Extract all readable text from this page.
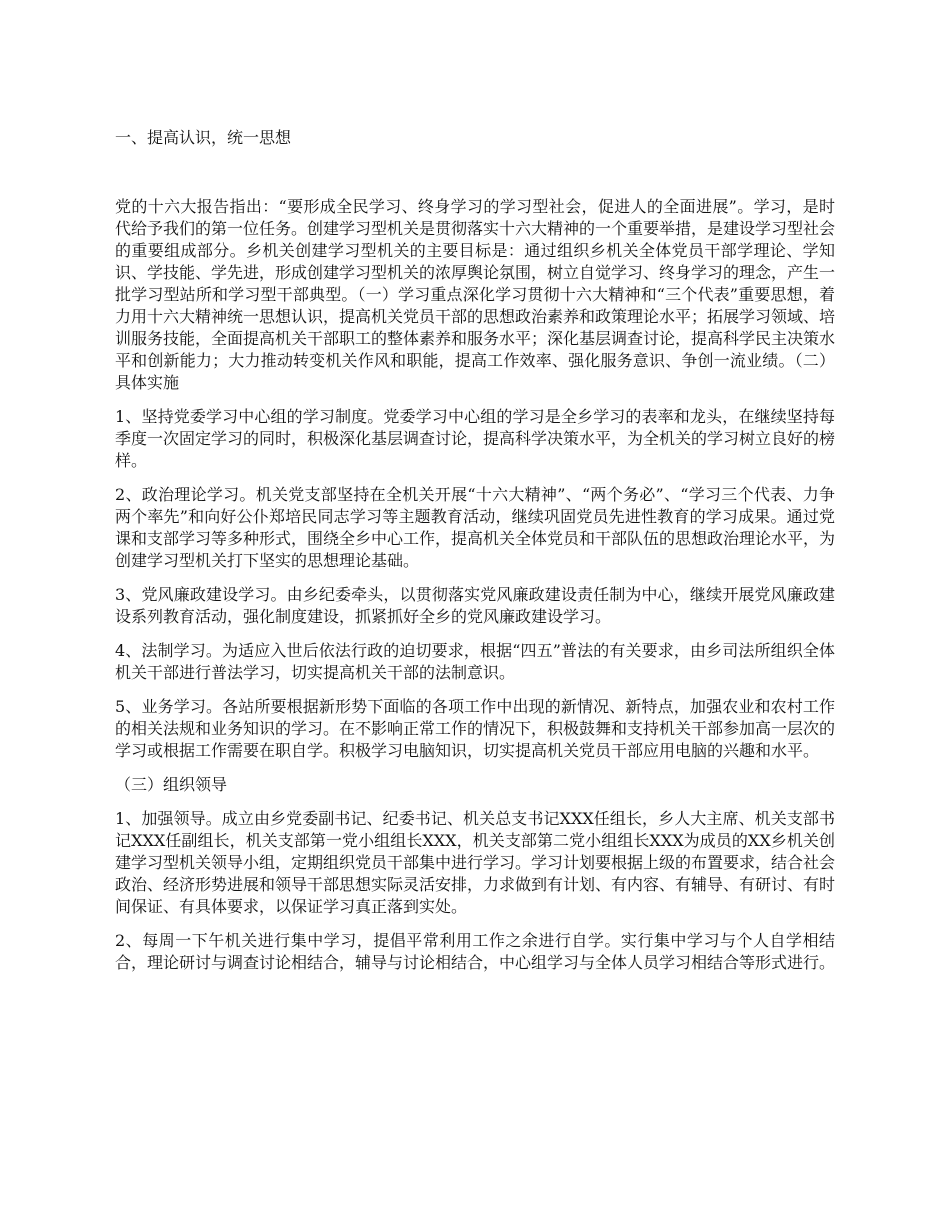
一、提高认识，统一思想

党的十六大报告指出：“要形成全民学习、终身学习的学习型社会，促进人的全面进展”。学习，是时代给予我们的第一位任务。创建学习型机关是贯彻落实十六大精神的一个重要举措，是建设学习型社会的重要组成部分。乡机关创建学习型机关的主要目标是：通过组织乡机关全体党员干部学理论、学知识、学技能、学先进，形成创建学习型机关的浓厚舆论氛围，树立自觉学习、终身学习的理念，产生一批学习型站所和学习型干部典型。（一）学习重点深化学习贯彻十六大精神和“三个代表”重要思想，着力用十六大精神统一思想认识，提高机关党员干部的思想政治素养和政策理论水平；拓展学习领域、培训服务技能，全面提高机关干部职工的整体素养和服务水平；深化基层调查讨论，提高科学民主决策水平和创新能力；大力推动转变机关作风和职能，提高工作效率、强化服务意识、争创一流业绩。（二）具体实施

1、坚持党委学习中心组的学习制度。党委学习中心组的学习是全乡学习的表率和龙头，在继续坚持每季度一次固定学习的同时，积极深化基层调查讨论，提高科学决策水平，为全机关的学习树立良好的榜样。

2、政治理论学习。机关党支部坚持在全机关开展“十六大精神”、“两个务必”、“学习三个代表、力争两个率先”和向好公仆郑培民同志学习等主题教育活动，继续巩固党员先进性教育的学习成果。通过党课和支部学习等多种形式，围绕全乡中心工作，提高机关全体党员和干部队伍的思想政治理论水平，为创建学习型机关打下坚实的思想理论基础。

3、党风廉政建设学习。由乡纪委牵头，以贯彻落实党风廉政建设责任制为中心，继续开展党风廉政建设系列教育活动，强化制度建设，抓紧抓好全乡的党风廉政建设学习。

4、法制学习。为适应入世后依法行政的迫切要求，根据“四五”普法的有关要求，由乡司法所组织全体机关干部进行普法学习，切实提高机关干部的法制意识。

5、业务学习。各站所要根据新形势下面临的各项工作中出现的新情况、新特点，加强农业和农村工作的相关法规和业务知识的学习。在不影响正常工作的情况下，积极鼓舞和支持机关干部参加高一层次的学习或根据工作需要在职自学。积极学习电脑知识，切实提高机关党员干部应用电脑的兴趣和水平。

（三）组织领导

1、加强领导。成立由乡党委副书记、纪委书记、机关总支书记XXX任组长，乡人大主席、机关支部书记XXX任副组长，机关支部第一党小组组长XXX，机关支部第二党小组组长XXX为成员的XX乡机关创建学习型机关领导小组，定期组织党员干部集中进行学习。学习计划要根据上级的布置要求，结合社会政治、经济形势进展和领导干部思想实际灵活安排，力求做到有计划、有内容、有辅导、有研讨、有时间保证、有具体要求，以保证学习真正落到实处。

2、每周一下午机关进行集中学习，提倡平常利用工作之余进行自学。实行集中学习与个人自学相结合，理论研讨与调查讨论相结合，辅导与讨论相结合，中心组学习与全体人员学习相结合等形式进行。
